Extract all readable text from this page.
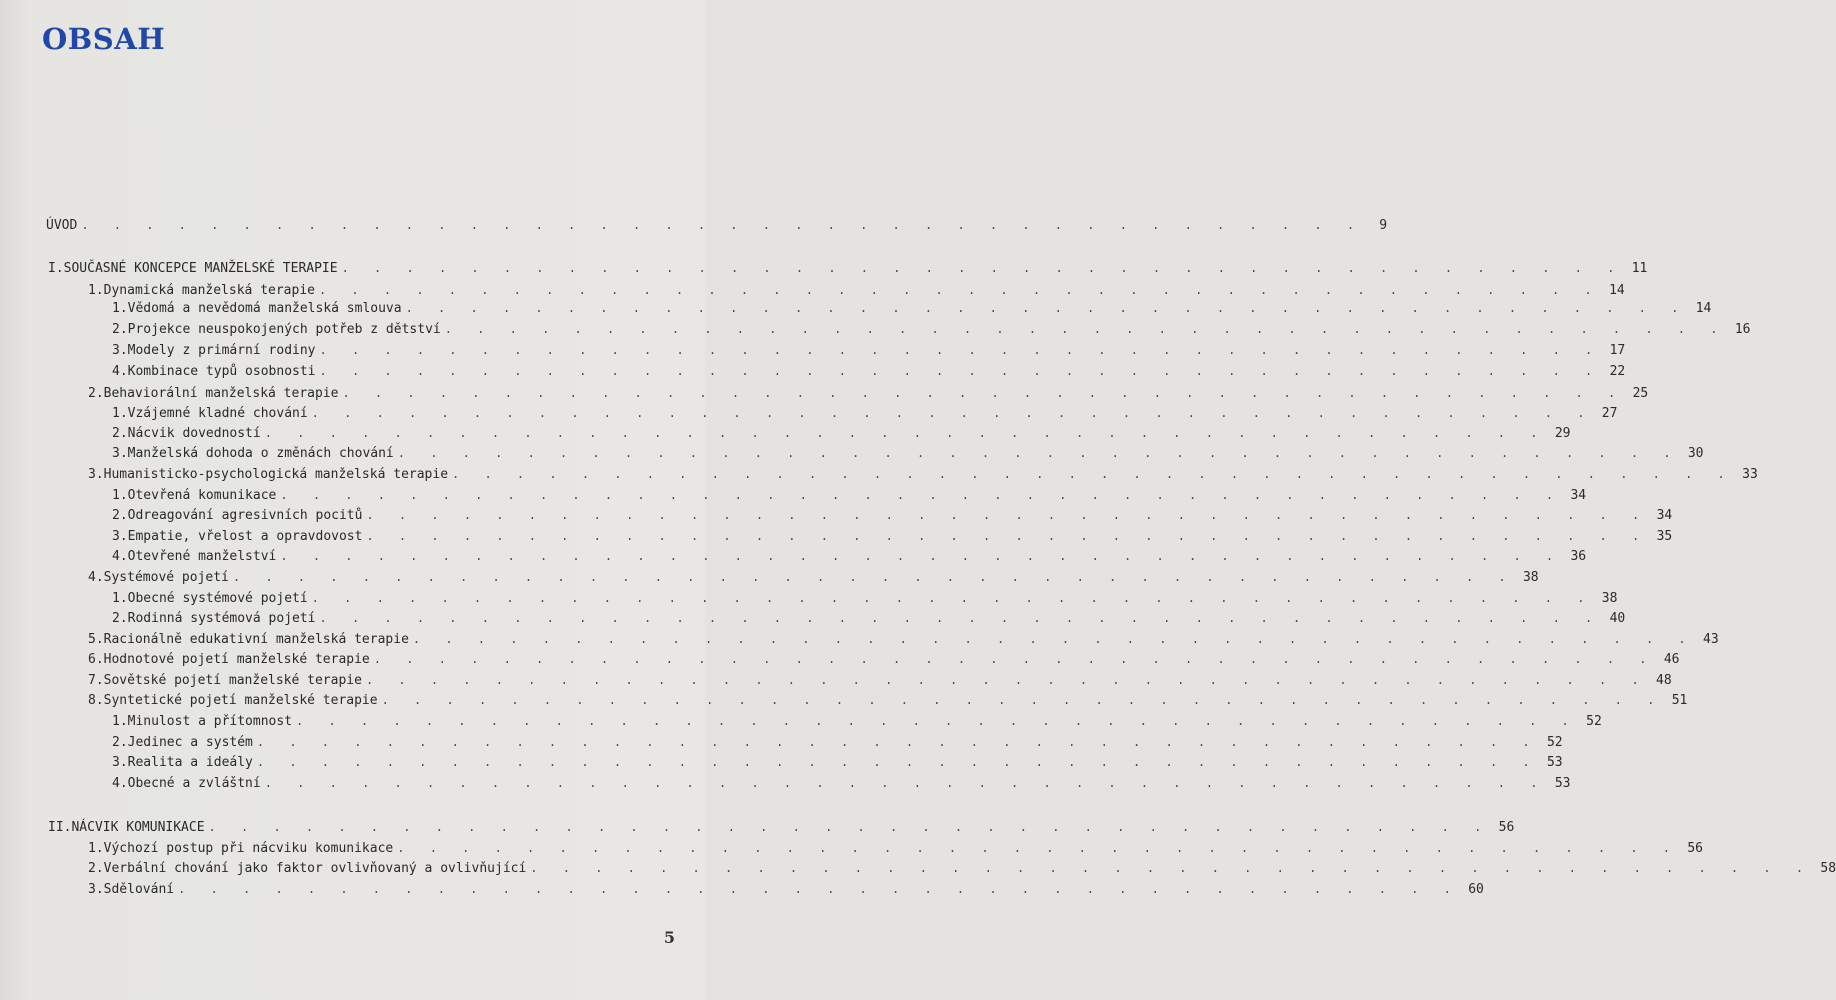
OBSAH
ÚVOD . . . . . . . . . . . . . . . . . . . . . . . . . . . . . . . . . . . . . . . .	9
I. SOUČASNÉ KONCEPCE MANŽELSKÉ TERAPIE . . . . . . . . . . . . . . . . . . . . . . . . . . . . . . . . . . . . . . . . 11
1. Dynamická manželská terapie . . . . . . . . . . . . . . . . . . . . . . . . . . . . . . . . . . . . . . . . 14
1. Vědomá a nevědomá manželská smlouva . . . . . . . . . . . . . . . . . . . . . . . . . . . . . . . . . . . . . . . . 14
2. Projekce neuspokojených potřeb z dětství . . . . . . . . . . . . . . . . . . . . . . . . . . . . . . . . . . . . . . . . 16
3. Modely z primární rodiny . . . . . . . . . . . . . . . . . . . . . . . . . . . . . . . . . . . . . . . . 17
4. Kombinace typů osobnosti . . . . . . . . . . . . . . . . . . . . . . . . . . . . . . . . . . . . . . . . 22
2. Behaviorální manželská terapie . . . . . . . . . . . . . . . . . . . . . . . . . . . . . . . . . . . . . . . . 25
1. Vzájemné kladné chování . . . . . . . . . . . . . . . . . . . . . . . . . . . . . . . . . . . . . . . . 27
2. Nácvik dovedností . . . . . . . . . . . . . . . . . . . . . . . . . . . . . . . . . . . . . . . . 29
3. Manželská dohoda o změnách chování . . . . . . . . . . . . . . . . . . . . . . . . . . . . . . . . . . . . . . . . 30
3. Humanisticko-psychologická manželská terapie . . . . . . . . . . . . . . . . . . . . . . . . . . . . . . . . . . . . . . . . 33
1. Otevřená komunikace . . . . . . . . . . . . . . . . . . . . . . . . . . . . . . . . . . . . . . . . 34
2. Odreagování agresivních pocitů . . . . . . . . . . . . . . . . . . . . . . . . . . . . . . . . . . . . . . . . 34
3. Empatie, vřelost a opravdovost . . . . . . . . . . . . . . . . . . . . . . . . . . . . . . . . . . . . . . . . 35
4. Otevřené manželství . . . . . . . . . . . . . . . . . . . . . . . . . . . . . . . . . . . . . . . . 36
4. Systémové pojetí . . . . . . . . . . . . . . . . . . . . . . . . . . . . . . . . . . . . . . . . 38
1. Obecné systémové pojetí . . . . . . . . . . . . . . . . . . . . . . . . . . . . . . . . . . . . . . . . 38
2. Rodinná systémová pojetí . . . . . . . . . . . . . . . . . . . . . . . . . . . . . . . . . . . . . . . . 40
5. Racionálně edukativní manželská terapie . . . . . . . . . . . . . . . . . . . . . . . . . . . . . . . . . . . . . . . . 43
6. Hodnotové pojetí manželské terapie . . . . . . . . . . . . . . . . . . . . . . . . . . . . . . . . . . . . . . . . 46
7. Sovětské pojetí manželské terapie . . . . . . . . . . . . . . . . . . . . . . . . . . . . . . . . . . . . . . . . 48
8. Syntetické pojetí manželské terapie . . . . . . . . . . . . . . . . . . . . . . . . . . . . . . . . . . . . . . . . 51
1. Minulost a přítomnost . . . . . . . . . . . . . . . . . . . . . . . . . . . . . . . . . . . . . . . . 52
2. Jedinec a systém . . . . . . . . . . . . . . . . . . . . . . . . . . . . . . . . . . . . . . . . 52
3. Realita a ideály . . . . . . . . . . . . . . . . . . . . . . . . . . . . . . . . . . . . . . . . 53
4. Obecné a zvláštní . . . . . . . . . . . . . . . . . . . . . . . . . . . . . . . . . . . . . . . . 53
II. NÁCVIK KOMUNIKACE . . . . . . . . . . . . . . . . . . . . . . . . . . . . . . . . . . . . . . . . 56
1. Výchozí postup při nácviku komunikace . . . . . . . . . . . . . . . . . . . . . . . . . . . . . . . . . . . . . . . . 56
2. Verbální chování jako faktor ovlivňovaný a ovlivňující . . . . . . . . . . . . . . . . . . . . . . . . . . . . . . . . . . . . . . . . 58
3. Sdělování . . . . . . . . . . . . . . . . . . . . . . . . . . . . . . . . . . . . . . . . 60
5
